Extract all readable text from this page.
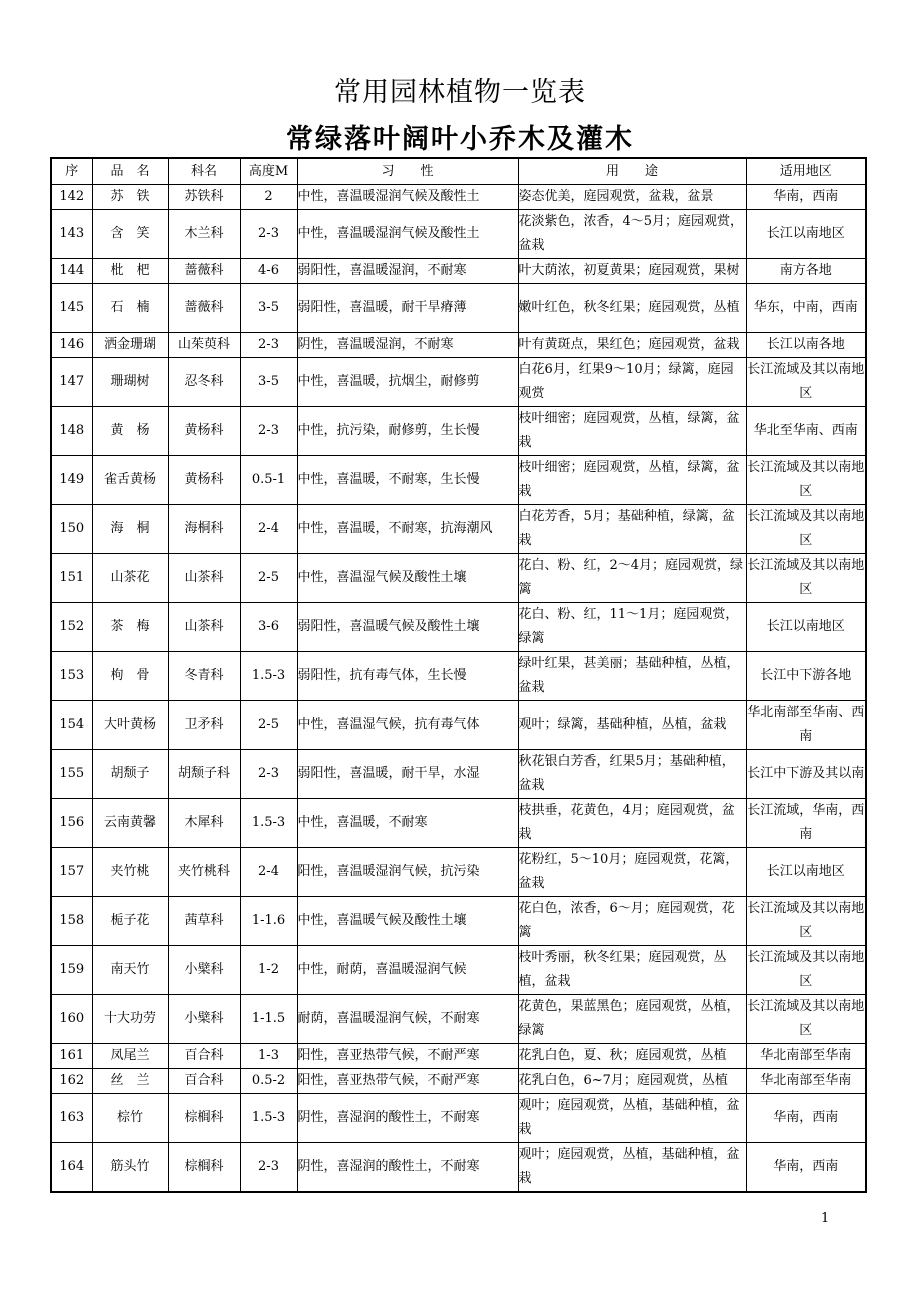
常用园林植物一览表
常绿落叶阔叶小乔木及灌木
序	品　名	科名	高度M	习　　性	用　　途	适用地区
142	苏　铁	苏铁科	2	中性，喜温暖湿润气候及酸性土	姿态优美，庭园观赏，盆栽，盆景	华南，西南
143	含　笑	木兰科	2-3	中性，喜温暖湿润气候及酸性土	花淡紫色，浓香，4～5月；庭园观赏，盆栽	长江以南地区
144	枇　杷	蔷薇科	4-6	弱阳性，喜温暖湿润，不耐寒	叶大荫浓，初夏黄果；庭园观赏，果树	南方各地
145	石　楠	蔷薇科	3-5	弱阳性，喜温暖，耐干旱瘠薄	嫩叶红色，秋冬红果；庭园观赏，丛植	华东，中南，西南
146	洒金珊瑚	山茱萸科	2-3	阴性，喜温暖湿润，不耐寒	叶有黄斑点，果红色；庭园观赏，盆栽	长江以南各地
147	珊瑚树	忍冬科	3-5	中性，喜温暖，抗烟尘，耐修剪	白花6月，红果9～10月；绿篱，庭园观赏	长江流域及其以南地区
148	黄　杨	黄杨科	2-3	中性，抗污染，耐修剪，生长慢	枝叶细密；庭园观赏，丛植，绿篱，盆栽	华北至华南、西南
149	雀舌黄杨	黄杨科	0.5-1	中性，喜温暖，不耐寒，生长慢	枝叶细密；庭园观赏，丛植，绿篱，盆栽	长江流域及其以南地区
150	海　桐	海桐科	2-4	中性，喜温暖，不耐寒，抗海潮风	白花芳香，5月；基础种植，绿篱，盆栽	长江流域及其以南地区
151	山茶花	山茶科	2-5	中性，喜温湿气候及酸性土壤	花白、粉、红，2～4月；庭园观赏，绿篱	长江流域及其以南地区
152	茶　梅	山茶科	3-6	弱阳性，喜温暖气候及酸性土壤	花白、粉、红，11～1月；庭园观赏，绿篱	长江以南地区
153	枸　骨	冬青科	1.5-3	弱阳性，抗有毒气体，生长慢	绿叶红果，甚美丽；基础种植，丛植，盆栽	长江中下游各地
154	大叶黄杨	卫矛科	2-5	中性，喜温湿气候，抗有毒气体	观叶；绿篱，基础种植，丛植，盆栽	华北南部至华南、西南
155	胡颓子	胡颓子科	2-3	弱阳性，喜温暖，耐干旱，水湿	秋花银白芳香，红果5月；基础种植，盆栽	长江中下游及其以南
156	云南黄馨	木犀科	1.5-3	中性，喜温暖，不耐寒	枝拱垂，花黄色，4月；庭园观赏，盆栽	长江流域，华南，西南
157	夹竹桃	夹竹桃科	2-4	阳性，喜温暖湿润气候，抗污染	花粉红，5～10月；庭园观赏，花篱，盆栽	长江以南地区
158	栀子花	茜草科	1-1.6	中性，喜温暖气候及酸性土壤	花白色，浓香，6～月；庭园观赏，花篱	长江流域及其以南地区
159	南天竹	小檗科	1-2	中性，耐荫，喜温暖湿润气候	枝叶秀丽，秋冬红果；庭园观赏，丛植，盆栽	长江流域及其以南地区
160	十大功劳	小檗科	1-1.5	耐荫，喜温暖湿润气候，不耐寒	花黄色，果蓝黑色；庭园观赏，丛植，绿篱	长江流域及其以南地区
161	凤尾兰	百合科	1-3	阳性，喜亚热带气候，不耐严寒	花乳白色，夏、秋；庭园观赏，丛植	华北南部至华南
162	丝　兰	百合科	0.5-2	阳性，喜亚热带气候，不耐严寒	花乳白色，6~7月；庭园观赏，丛植	华北南部至华南
163	棕竹	棕榈科	1.5-3	阴性，喜湿润的酸性土，不耐寒	观叶；庭园观赏，丛植，基础种植，盆栽	华南，西南
164	筋头竹	棕榈科	2-3	阴性，喜湿润的酸性土，不耐寒	观叶；庭园观赏，丛植，基础种植，盆栽	华南，西南
1
